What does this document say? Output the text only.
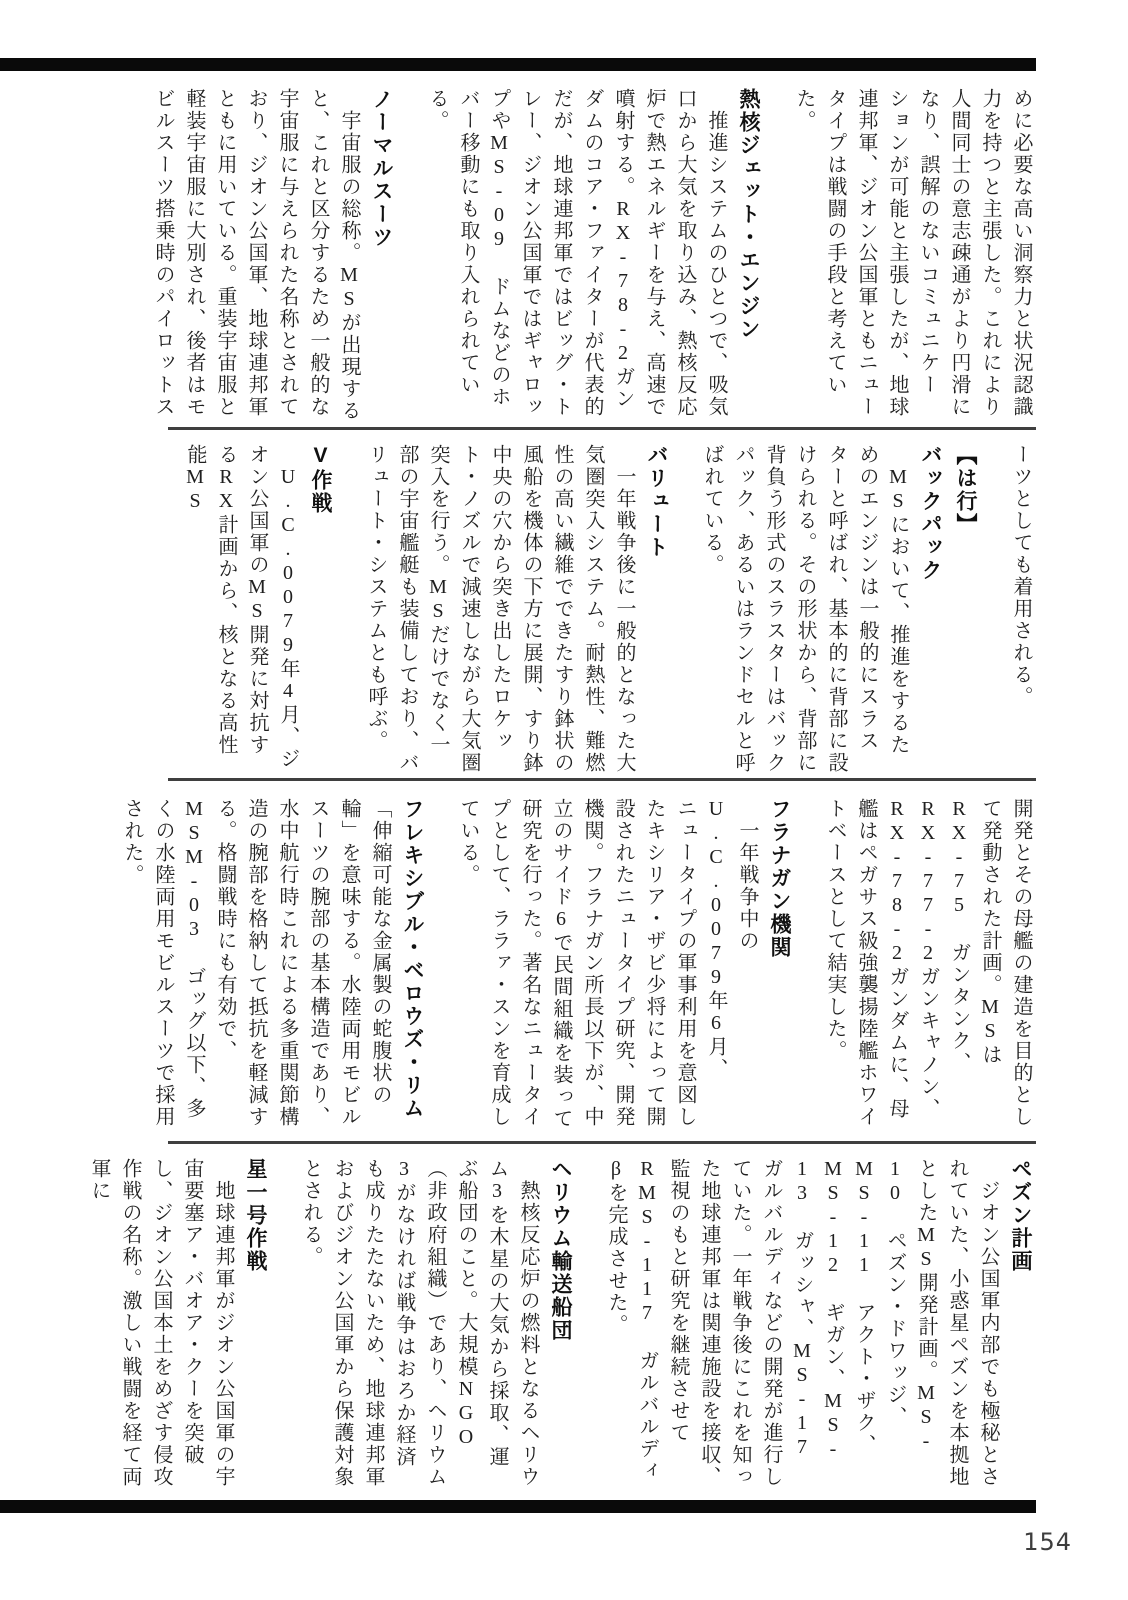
めに必要な高い洞察力と状況認識力を持つと主張した。これにより人間同士の意志疎通がより円滑になり、誤解のないコミュニケーションが可能と主張したが、地球連邦軍、ジオン公国軍ともニュータイプは戦闘の手段と考えていた。

熱核ジェット・エンジン

　推進システムのひとつで、吸気口から大気を取り込み、熱核反応炉で熱エネルギーを与え、高速で噴射する。RX-78-2ガンダムのコア・ファイターが代表的だが、地球連邦軍ではビッグ・トレー、ジオン公国軍ではギャロップやMS-09 ドムなどのホバー移動にも取り入れられている。

ノーマルスーツ

　宇宙服の総称。MSが出現すると、これと区分するため一般的な宇宙服に与えられた名称とされており、ジオン公国軍、地球連邦軍ともに用いている。重装宇宙服と軽装宇宙服に大別され、後者はモビルスーツ搭乗時のパイロットス

ーツとしても着用される。

【は行】
バックパック

　MSにおいて、推進をするためのエンジンは一般的にスラスターと呼ばれ、基本的に背部に設けられる。その形状から、背部に背負う形式のスラスターはバックパック、あるいはランドセルと呼ばれている。

バリュート

　一年戦争後に一般的となった大気圏突入システム。耐熱性、難燃性の高い繊維でできたすり鉢状の風船を機体の下方に展開、すり鉢中央の穴から突き出したロケット・ノズルで減速しながら大気圏突入を行う。MSだけでなく一部の宇宙艦艇も装備しており、バリュート・システムとも呼ぶ。

V作戦

　U.C.0079年4月、ジオン公国軍のMS開発に対抗するRX計画から、核となる高性能MS

開発とその母艦の建造を目的として発動された計画。MSはRX-75 ガンタンク、RX-77-2ガンキャノン、RX-78-2ガンダムに、母艦はペガサス級強襲揚陸艦ホワイトベースとして結実した。

フラナガン機関

　一年戦争中のU.C.0079年6月、ニュータイプの軍事利用を意図したキシリア・ザビ少将によって開設されたニュータイプ研究、開発機関。フラナガン所長以下が、中立のサイド6で民間組織を装って研究を行った。著名なニュータイプとして、ララァ・スンを育成している。

フレキシブル・ベロウズ・リム

「伸縮可能な金属製の蛇腹状の輪」を意味する。水陸両用モビルスーツの腕部の基本構造であり、水中航行時これによる多重関節構造の腕部を格納して抵抗を軽減する。格闘戦時にも有効で、MSM-03 ゴッグ以下、多くの水陸両用モビルスーツで採用された。

ペズン計画

　ジオン公国軍内部でも極秘とされていた、小惑星ペズンを本拠地としたMS開発計画。MS-10 ペズン・ドワッジ、MS-11 アクト・ザク、MS-12 ギガン、MS-13 ガッシャ、MS-17 ガルバルディなどの開発が進行していた。一年戦争後にこれを知った地球連邦軍は関連施設を接収、監視のもと研究を継続させてRMS-117 ガルバルディβを完成させた。

ヘリウム輸送船団

　熱核反応炉の燃料となるヘリウム3を木星の大気から採取、運ぶ船団のこと。大規模NGO（非政府組織）であり、ヘリウム3がなければ戦争はおろか経済も成りたたないため、地球連邦軍およびジオン公国軍から保護対象とされる。

星一号作戦

　地球連邦軍がジオン公国軍の宇宙要塞ア・バオア・クーを突破し、ジオン公国本土をめざす侵攻作戦の名称。激しい戦闘を経て両軍に

154
